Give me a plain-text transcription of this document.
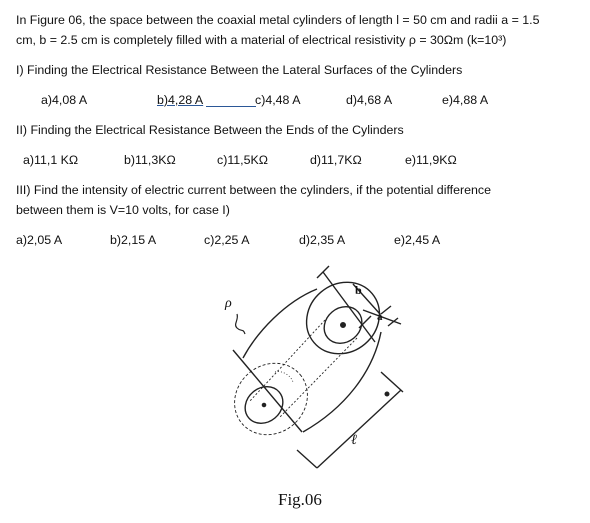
In Figure 06, the space between the coaxial metal cylinders of length l = 50 cm and radii a = 1.5
cm, b = 2.5 cm is completely filled with a material of electrical resistivity ρ = 30Ωm (k=10³)
I) Finding the Electrical Resistance Between the Lateral Surfaces of the Cylinders
a)4,08 A	b)4,28 A	c)4,48 A	d)4,68 A	e)4,88 A
II) Finding the Electrical Resistance Between the Ends of the Cylinders
a)11,1 KΩ	b)11,3KΩ	c)11,5KΩ	d)11,7KΩ	e)11,9KΩ
III) Find the intensity of electric current between the cylinders, if the potential difference
between them is V=10 volts, for case I)
a)2,05 A	b)2,15 A	c)2,25 A	d)2,35 A	e)2,45 A
ρ
b
a
ℓ
Fig.06
